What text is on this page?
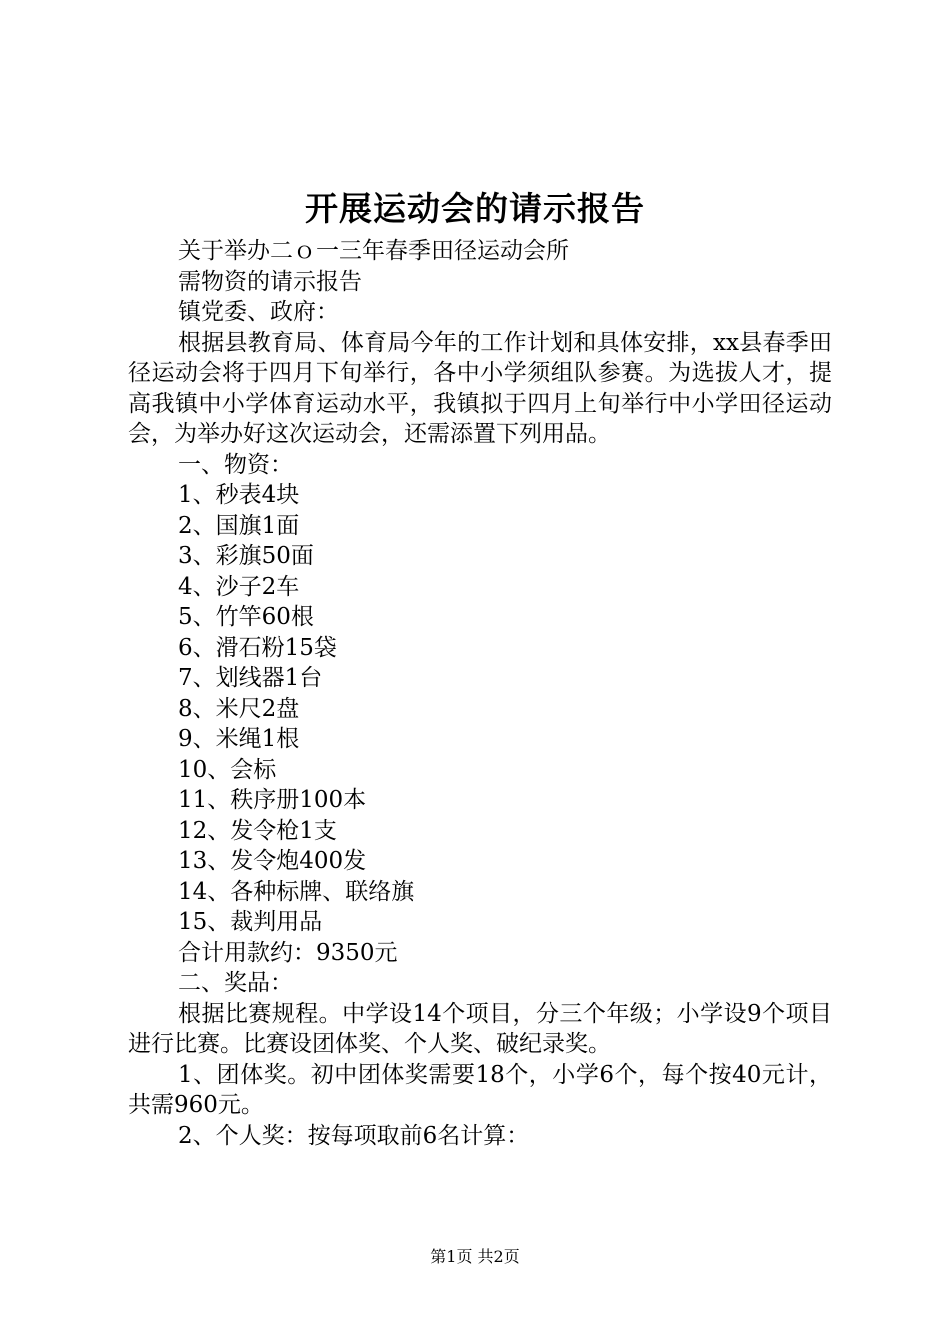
开展运动会的请示报告
关于举办二ｏ一三年春季田径运动会所
需物资的请示报告
镇党委、政府：
根据县教育局、体育局今年的工作计划和具体安排，xx县春季田径运动会将于四月下旬举行，各中小学须组队参赛。为选拔人才，提高我镇中小学体育运动水平，我镇拟于四月上旬举行中小学田径运动会，为举办好这次运动会，还需添置下列用品。
一、物资：
1、秒表4块
2、国旗1面
3、彩旗50面
4、沙子2车
5、竹竿60根
6、滑石粉15袋
7、划线器1台
8、米尺2盘
9、米绳1根
10、会标
11、秩序册100本
12、发令枪1支
13、发令炮400发
14、各种标牌、联络旗
15、裁判用品
合计用款约：9350元
二、奖品：
根据比赛规程。中学设14个项目，分三个年级；小学设9个项目进行比赛。比赛设团体奖、个人奖、破纪录奖。
1、团体奖。初中团体奖需要18个，小学6个，每个按40元计，共需960元。
2、个人奖：按每项取前6名计算：
第1页 共2页
